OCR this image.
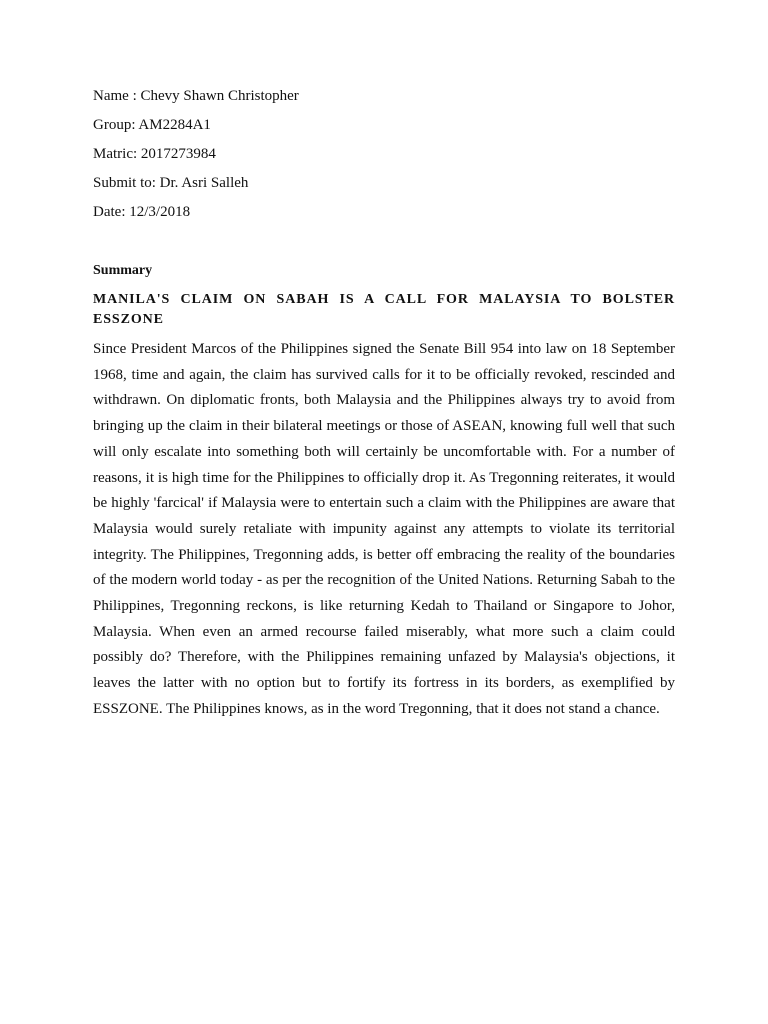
Name : Chevy Shawn Christopher

Group: AM2284A1

Matric: 2017273984

Submit to: Dr. Asri Salleh

Date: 12/3/2018

Summary

MANILA'S CLAIM ON SABAH IS A CALL FOR MALAYSIA TO BOLSTER ESSZONE

Since President Marcos of the Philippines signed the Senate Bill 954 into law on 18 September 1968, time and again, the claim has survived calls for it to be officially revoked, rescinded and withdrawn. On diplomatic fronts, both Malaysia and the Philippines always try to avoid from bringing up the claim in their bilateral meetings or those of ASEAN, knowing full well that such will only escalate into something both will certainly be uncomfortable with. For a number of reasons, it is high time for the Philippines to officially drop it. As Tregonning reiterates, it would be highly 'farcical' if Malaysia were to entertain such a claim with the Philippines are aware that Malaysia would surely retaliate with impunity against any attempts to violate its territorial integrity. The Philippines, Tregonning adds, is better off embracing the reality of the boundaries of the modern world today - as per the recognition of the United Nations. Returning Sabah to the Philippines, Tregonning reckons, is like returning Kedah to Thailand or Singapore to Johor, Malaysia. When even an armed recourse failed miserably, what more such a claim could possibly do? Therefore, with the Philippines remaining unfazed by Malaysia's objections, it leaves the latter with no option but to fortify its fortress in its borders, as exemplified by ESSZONE. The Philippines knows, as in the word Tregonning, that it does not stand a chance.
